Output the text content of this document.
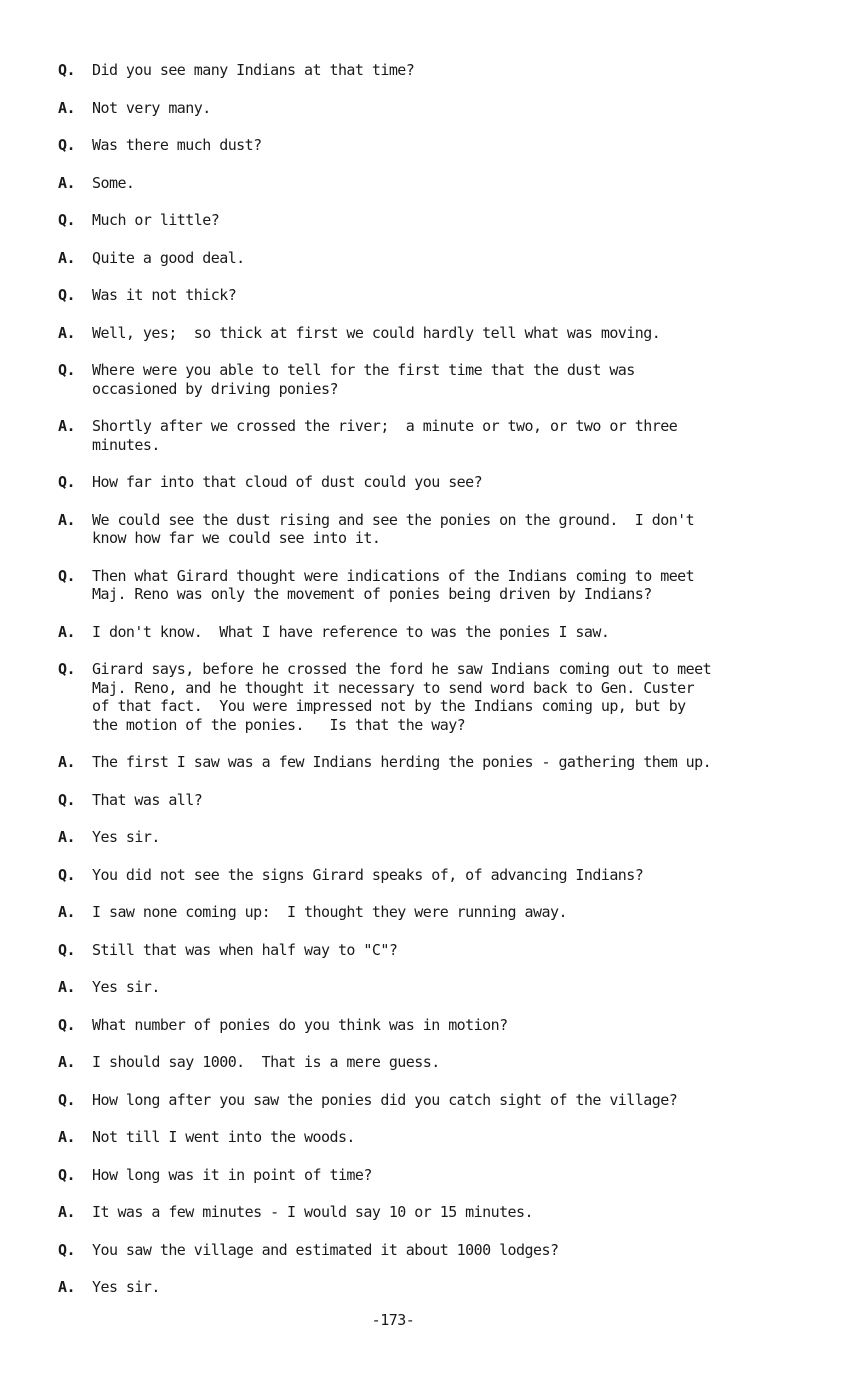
Q.	Did you see many Indians at that time?
A.	Not very many.
Q.	Was there much dust?
A.	Some.
Q.	Much or little?
A.	Quite a good deal.
Q.	Was it not thick?
A.	Well, yes;  so thick at first we could hardly tell what was moving.
Q.	Where were you able to tell for the first time that the dust was
occasioned by driving ponies?
A.	Shortly after we crossed the river;  a minute or two, or two or three
minutes.
Q.	How far into that cloud of dust could you see?
A.	We could see the dust rising and see the ponies on the ground.  I don't
know how far we could see into it.
Q.	Then what Girard thought were indications of the Indians coming to meet
Maj. Reno was only the movement of ponies being driven by Indians?
A.	I don't know.  What I have reference to was the ponies I saw.
Q.	Girard says, before he crossed the ford he saw Indians coming out to meet
Maj. Reno, and he thought it necessary to send word back to Gen. Custer
of that fact.  You were impressed not by the Indians coming up, but by
the motion of the ponies.   Is that the way?
A.	The first I saw was a few Indians herding the ponies - gathering them up.
Q.	That was all?
A.	Yes sir.
Q.	You did not see the signs Girard speaks of, of advancing Indians?
A.	I saw none coming up:  I thought they were running away.
Q.	Still that was when half way to "C"?
A.	Yes sir.
Q.	What number of ponies do you think was in motion?
A.	I should say 1000.  That is a mere guess.
Q.	How long after you saw the ponies did you catch sight of the village?
A.	Not till I went into the woods.
Q.	How long was it in point of time?
A.	It was a few minutes - I would say 10 or 15 minutes.
Q.	You saw the village and estimated it about 1000 lodges?
A.	Yes sir.
-173-
